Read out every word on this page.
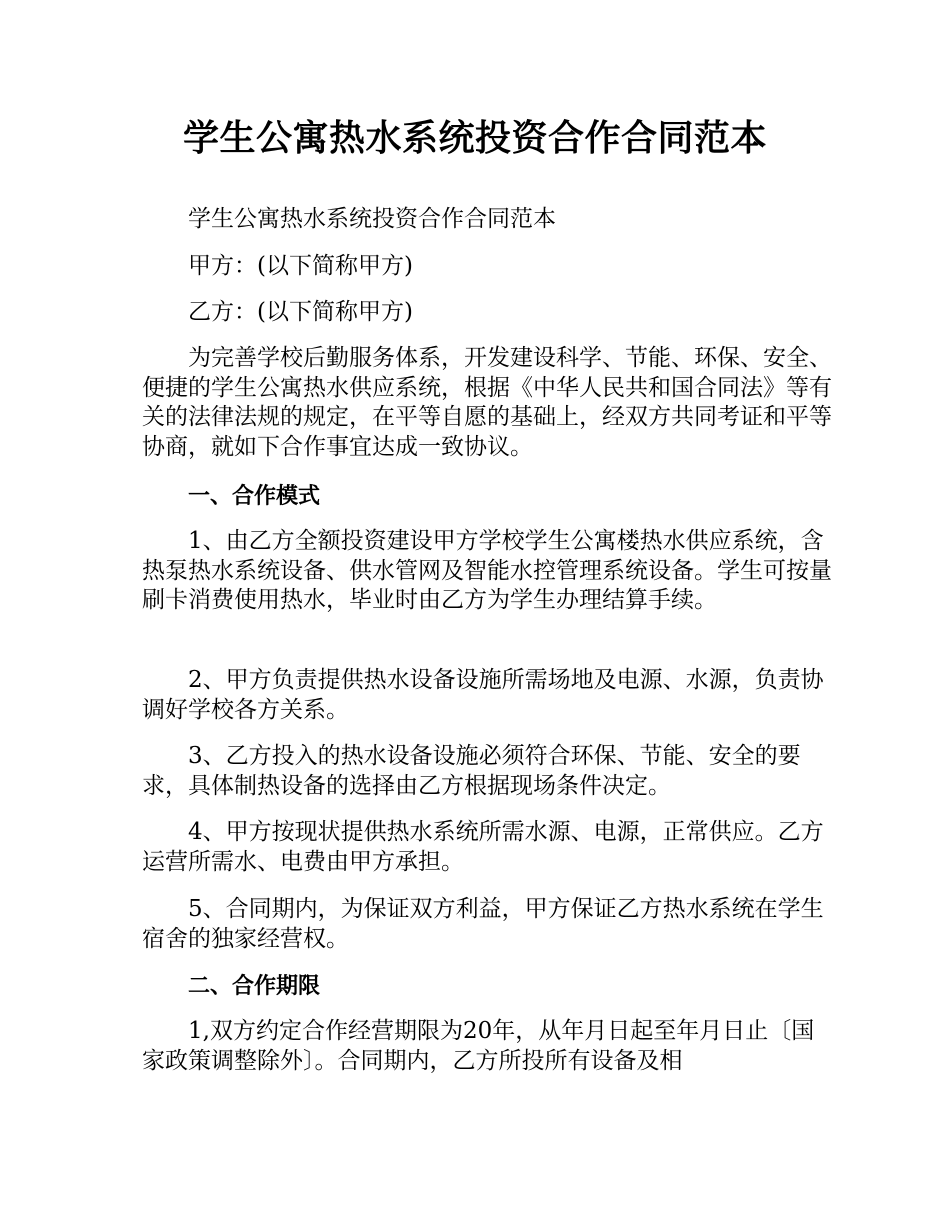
学生公寓热水系统投资合作合同范本

学生公寓热水系统投资合作合同范本

甲方：(以下简称甲方)

乙方：(以下简称甲方)

为完善学校后勤服务体系，开发建设科学、节能、环保、安全、便捷的学生公寓热水供应系统，根据《中华人民共和国合同法》等有关的法律法规的规定，在平等自愿的基础上，经双方共同考证和平等协商，就如下合作事宜达成一致协议。

一、合作模式

1、由乙方全额投资建设甲方学校学生公寓楼热水供应系统，含热泵热水系统设备、供水管网及智能水控管理系统设备。学生可按量刷卡消费使用热水，毕业时由乙方为学生办理结算手续。

2、甲方负责提供热水设备设施所需场地及电源、水源，负责协调好学校各方关系。

3、乙方投入的热水设备设施必须符合环保、节能、安全的要求，具体制热设备的选择由乙方根据现场条件决定。

4、甲方按现状提供热水系统所需水源、电源，正常供应。乙方运营所需水、电费由甲方承担。

5、合同期内，为保证双方利益，甲方保证乙方热水系统在学生宿舍的独家经营权。

二、合作期限

1,双方约定合作经营期限为20年，从年月日起至年月日止〔国家政策调整除外〕。合同期内，乙方所投所有设备及相
